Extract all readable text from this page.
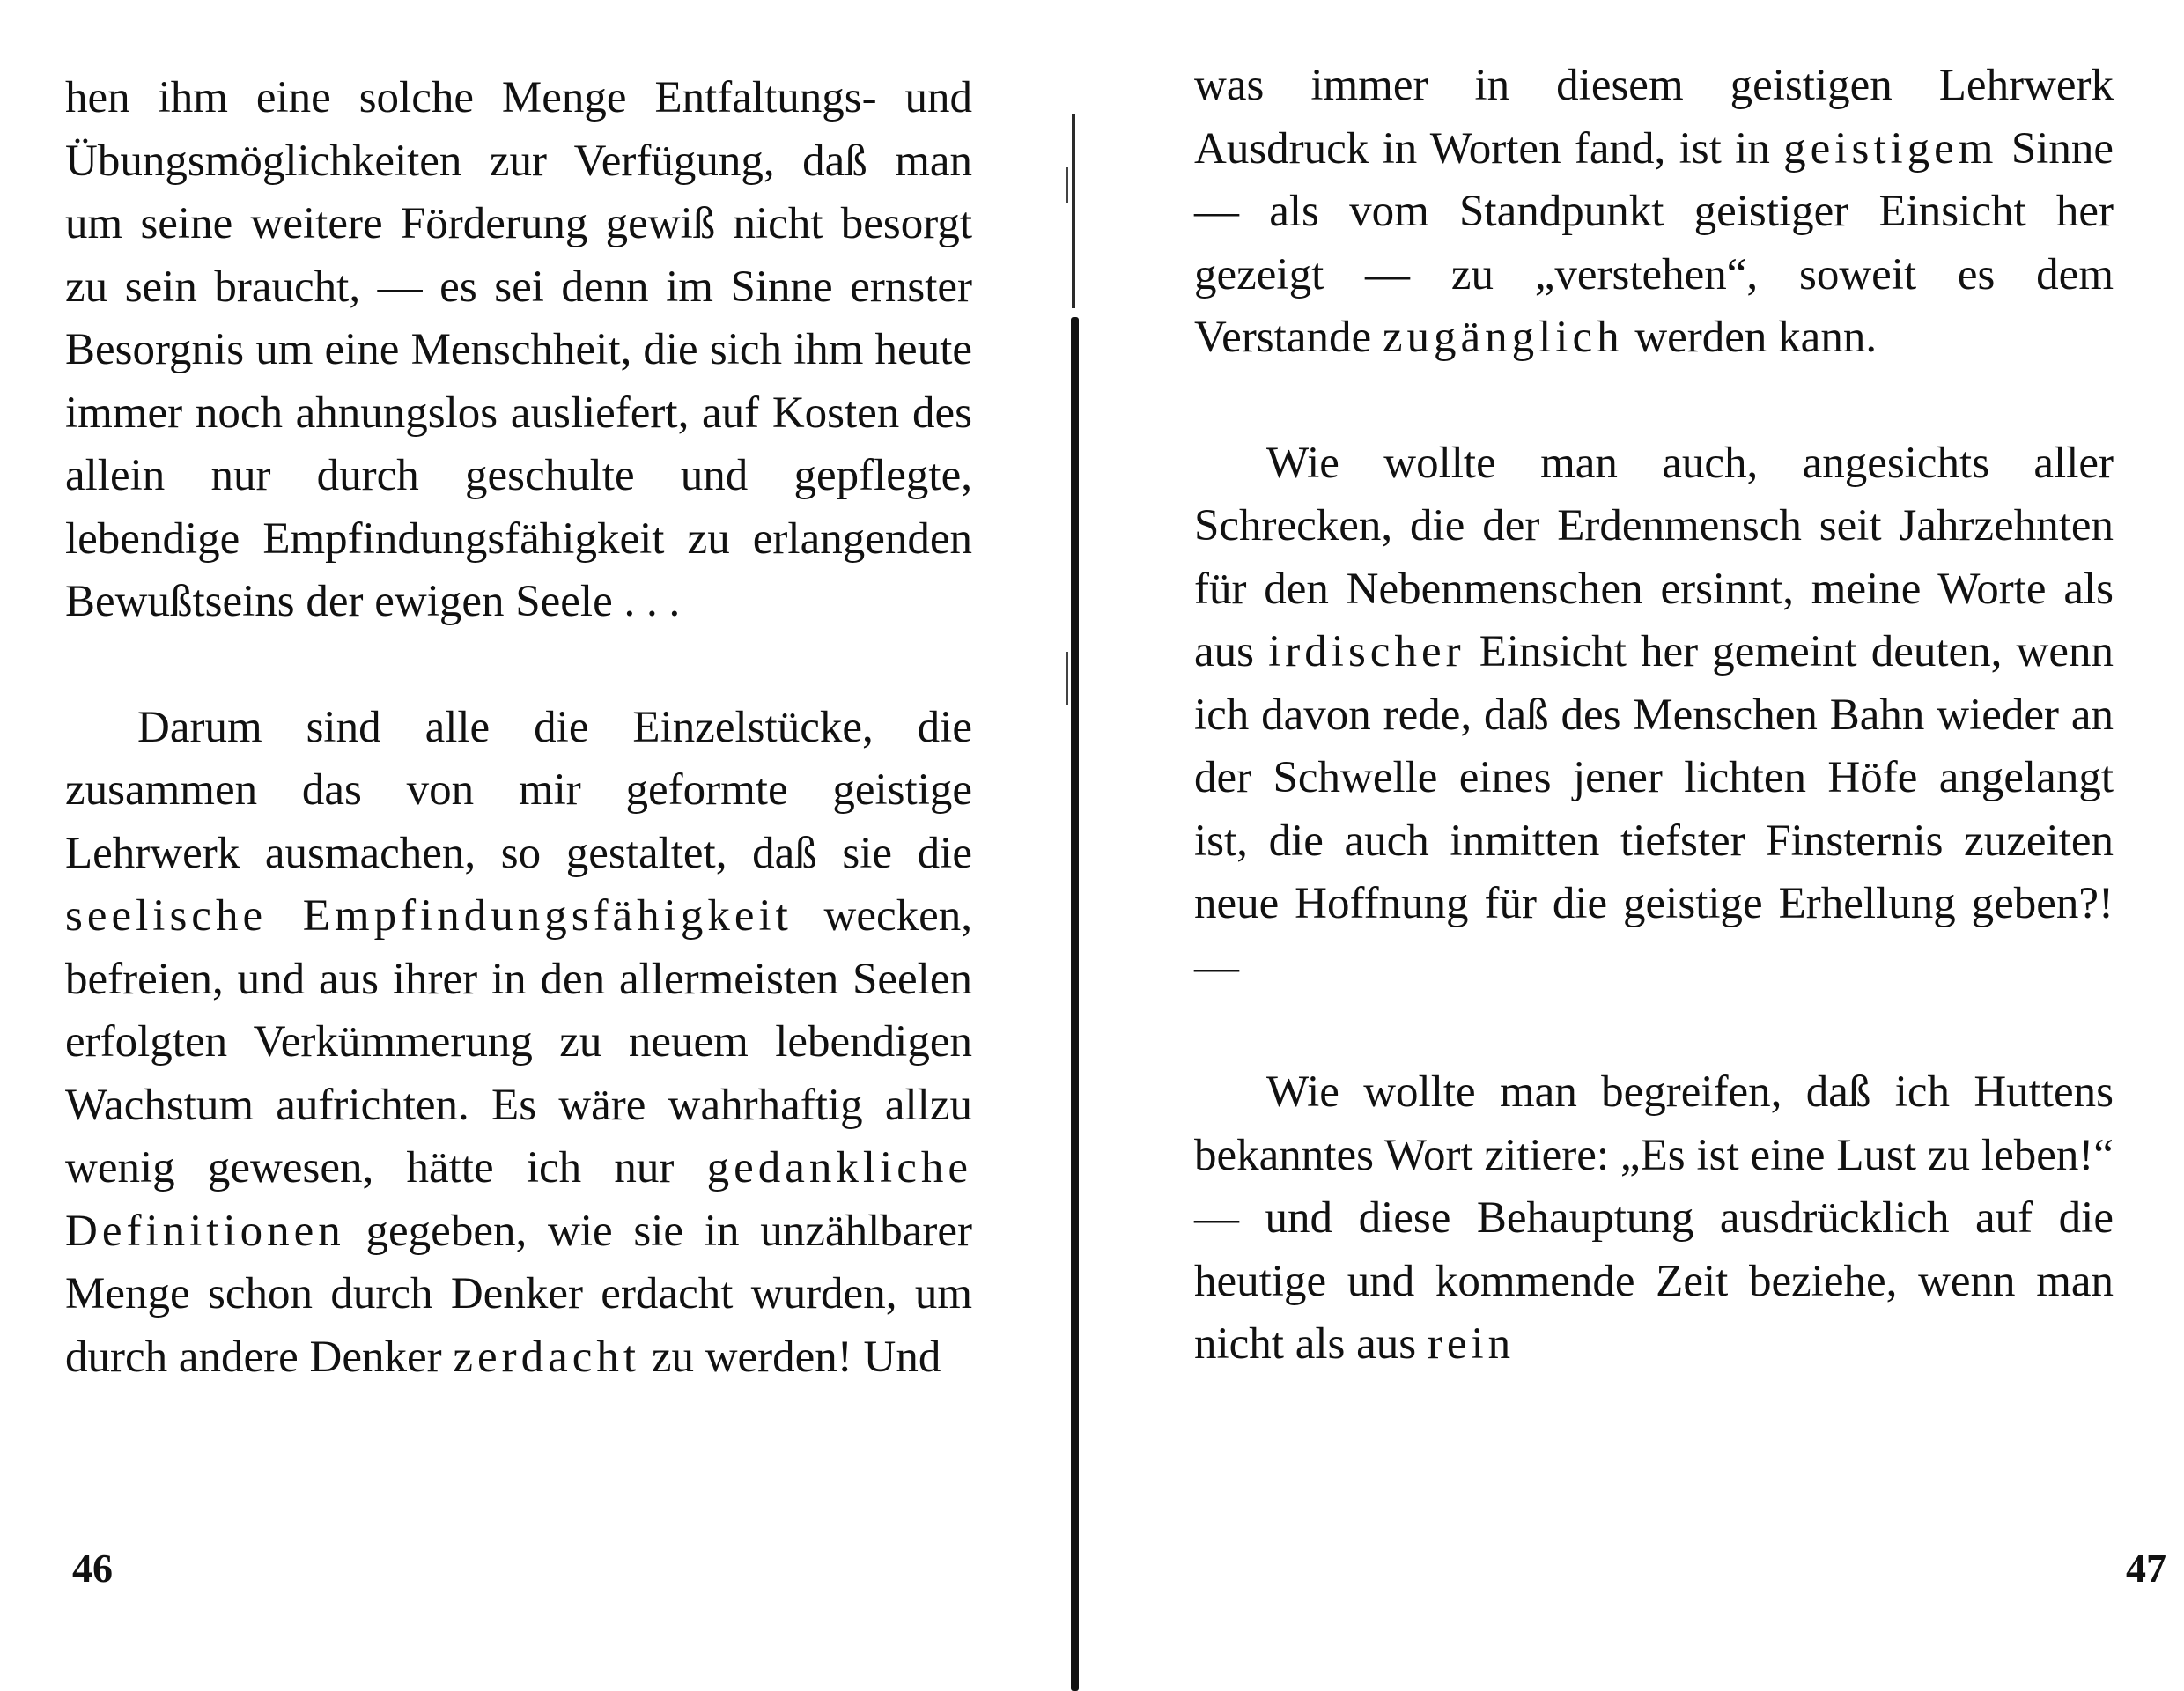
hen ihm eine solche Menge Entfaltungs- und Übungsmöglichkeiten zur Verfügung, daß man um seine weitere Förderung gewiß nicht besorgt zu sein braucht, — es sei denn im Sinne ernster Besorgnis um eine Menschheit, die sich ihm heute immer noch ahnungslos ausliefert, auf Kosten des allein nur durch geschulte und gepflegte, lebendige Empfindungsfähigkeit zu erlangenden Bewußtseins der ewigen Seele . . .

Darum sind alle die Einzelstücke, die zusammen das von mir geformte geistige Lehrwerk ausmachen, so gestaltet, daß sie die seelische Empfindungsfähigkeit wecken, befreien, und aus ihrer in den allermeisten Seelen erfolgten Verkümmerung zu neuem lebendigen Wachstum aufrichten. Es wäre wahrhaftig allzu wenig gewesen, hätte ich nur gedankliche Definitionen gegeben, wie sie in unzählbarer Menge schon durch Denker erdacht wurden, um durch andere Denker zerdacht zu werden! Und

46

was immer in diesem geistigen Lehrwerk Ausdruck in Worten fand, ist in geistigem Sinne — als vom Standpunkt geistiger Einsicht her gezeigt — zu „verstehen“, soweit es dem Verstande zugänglich werden kann.

Wie wollte man auch, angesichts aller Schrecken, die der Erdenmensch seit Jahrzehnten für den Nebenmenschen ersinnt, meine Worte als aus irdischer Einsicht her gemeint deuten, wenn ich davon rede, daß des Menschen Bahn wieder an der Schwelle eines jener lichten Höfe angelangt ist, die auch inmitten tiefster Finsternis zuzeiten neue Hoffnung für die geistige Erhellung geben?! —

Wie wollte man begreifen, daß ich Huttens bekanntes Wort zitiere: „Es ist eine Lust zu leben!“ — und diese Behauptung ausdrücklich auf die heutige und kommende Zeit beziehe, wenn man nicht als aus rein

47
